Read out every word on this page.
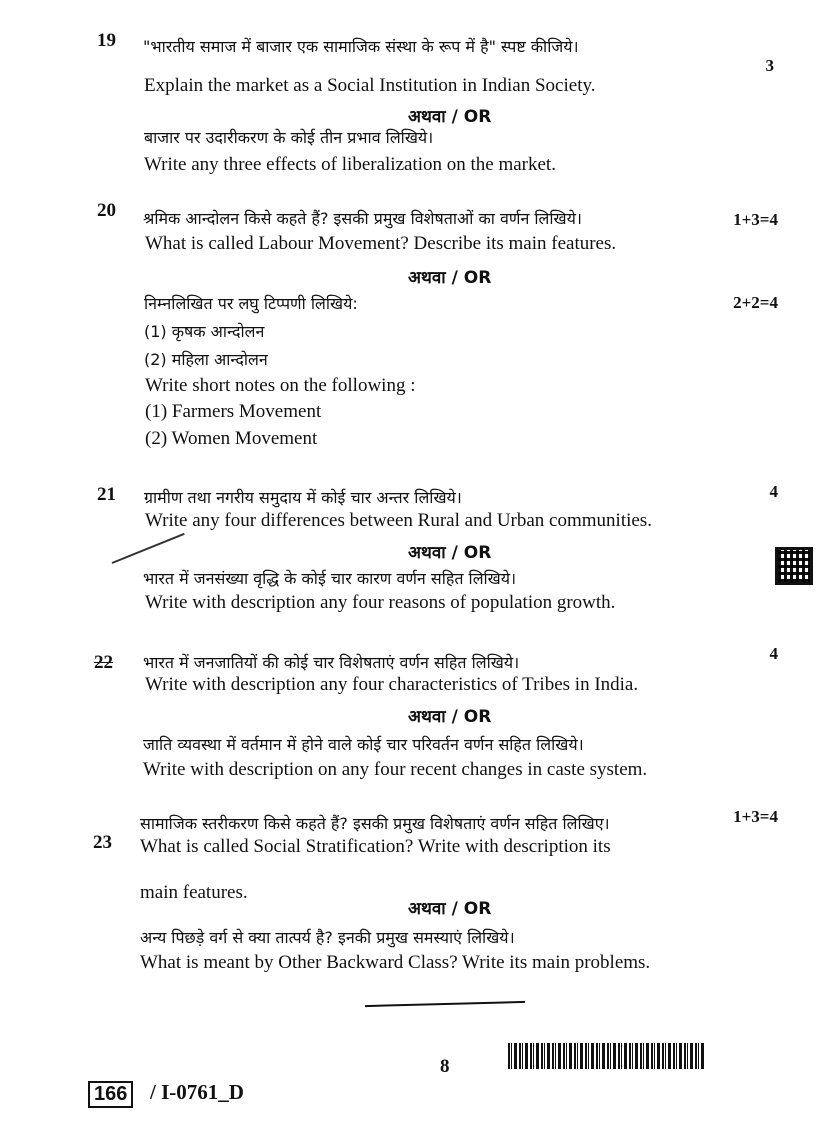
19 "भारतीय समाज में बाजार एक सामाजिक संस्था के रूप में है" स्पष्ट कीजिये।
3
Explain the market as a Social Institution in Indian Society.
अथवा / OR
बाजार पर उदारीकरण के कोई तीन प्रभाव लिखिये।
Write any three effects of liberalization on the market.
20 श्रमिक आन्दोलन किसे कहते हैं? इसकी प्रमुख विशेषताओं का वर्णन लिखिये।	1+3=4
What is called Labour Movement? Describe its main features.
अथवा / OR
निम्नलिखित पर लघु टिप्पणी लिखिये:	2+2=4
(1) कृषक आन्दोलन
(2) महिला आन्दोलन
Write short notes on the following :
(1) Farmers Movement
(2) Women Movement
21 ग्रामीण तथा नगरीय समुदाय में कोई चार अन्तर लिखिये।	4
Write any four differences between Rural and Urban communities.
अथवा / OR
भारत में जनसंख्या वृद्धि के कोई चार कारण वर्णन सहित लिखिये।
Write with description any four reasons of population growth.
22 भारत में जनजातियों की कोई चार विशेषताएं वर्णन सहित लिखिये।	4
Write with description any four characteristics of Tribes in India.
अथवा / OR
जाति व्यवस्था में वर्तमान में होने वाले कोई चार परिवर्तन वर्णन सहित लिखिये।
Write with description on any four recent changes in caste system.
23
सामाजिक स्तरीकरण किसे कहते हैं? इसकी प्रमुख विशेषताएं वर्णन सहित लिखिए।	1+3=4
What is called Social Stratification? Write with description its
main features.
अथवा / OR
अन्य पिछड़े वर्ग से क्या तात्पर्य है? इनकी प्रमुख समस्याएं लिखिये।
What is meant by Other Backward Class? Write its main problems.
8
166 / I-0761_D
